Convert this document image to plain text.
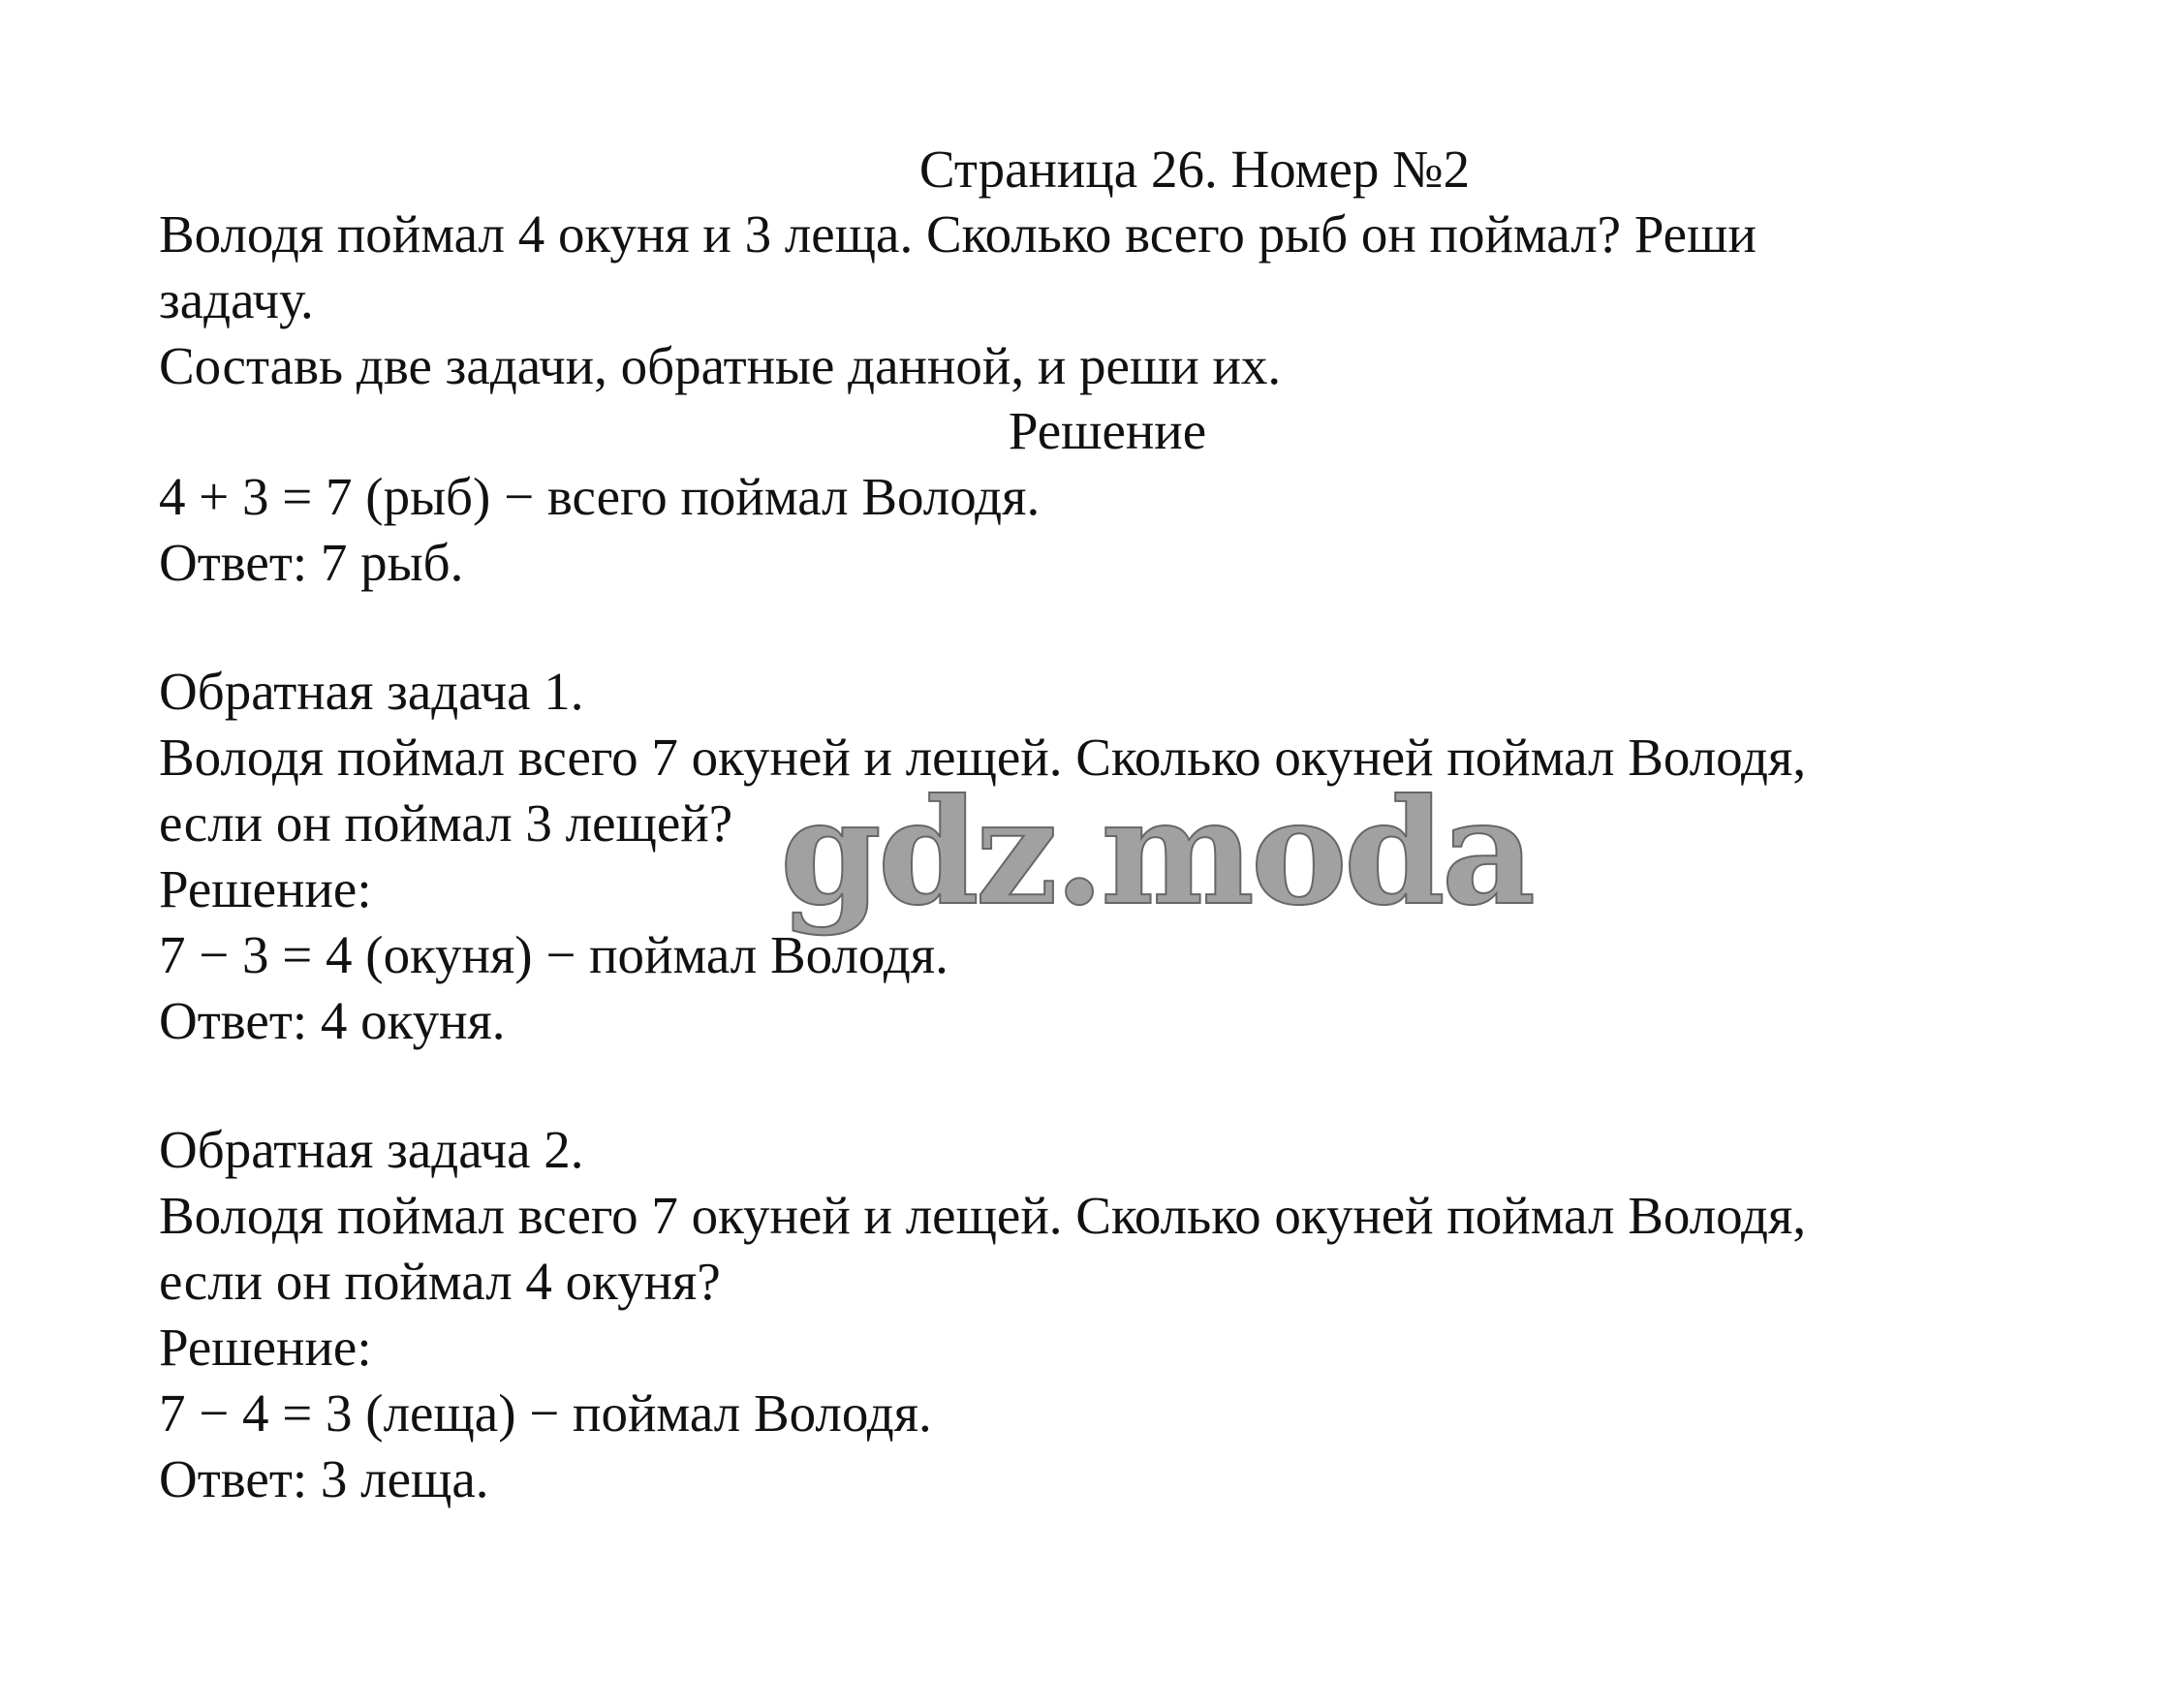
Страница 26. Номер №2
Володя поймал 4 окуня и 3 леща. Сколько всего рыб он поймал? Реши
задачу.
Составь две задачи, обратные данной, и реши их.
Решение
4 + 3 = 7 (рыб) − всего поймал Володя.
Ответ: 7 рыб.
Обратная задача 1.
Володя поймал всего 7 окуней и лещей. Сколько окуней поймал Володя,
если он поймал 3 лещей?
Решение:
7 − 3 = 4 (окуня) − поймал Володя.
Ответ: 4 окуня.
Обратная задача 2.
Володя поймал всего 7 окуней и лещей. Сколько окуней поймал Володя,
если он поймал 4 окуня?
Решение:
7 − 4 = 3 (леща) − поймал Володя.
Ответ: 3 леща.
gdz.moda
